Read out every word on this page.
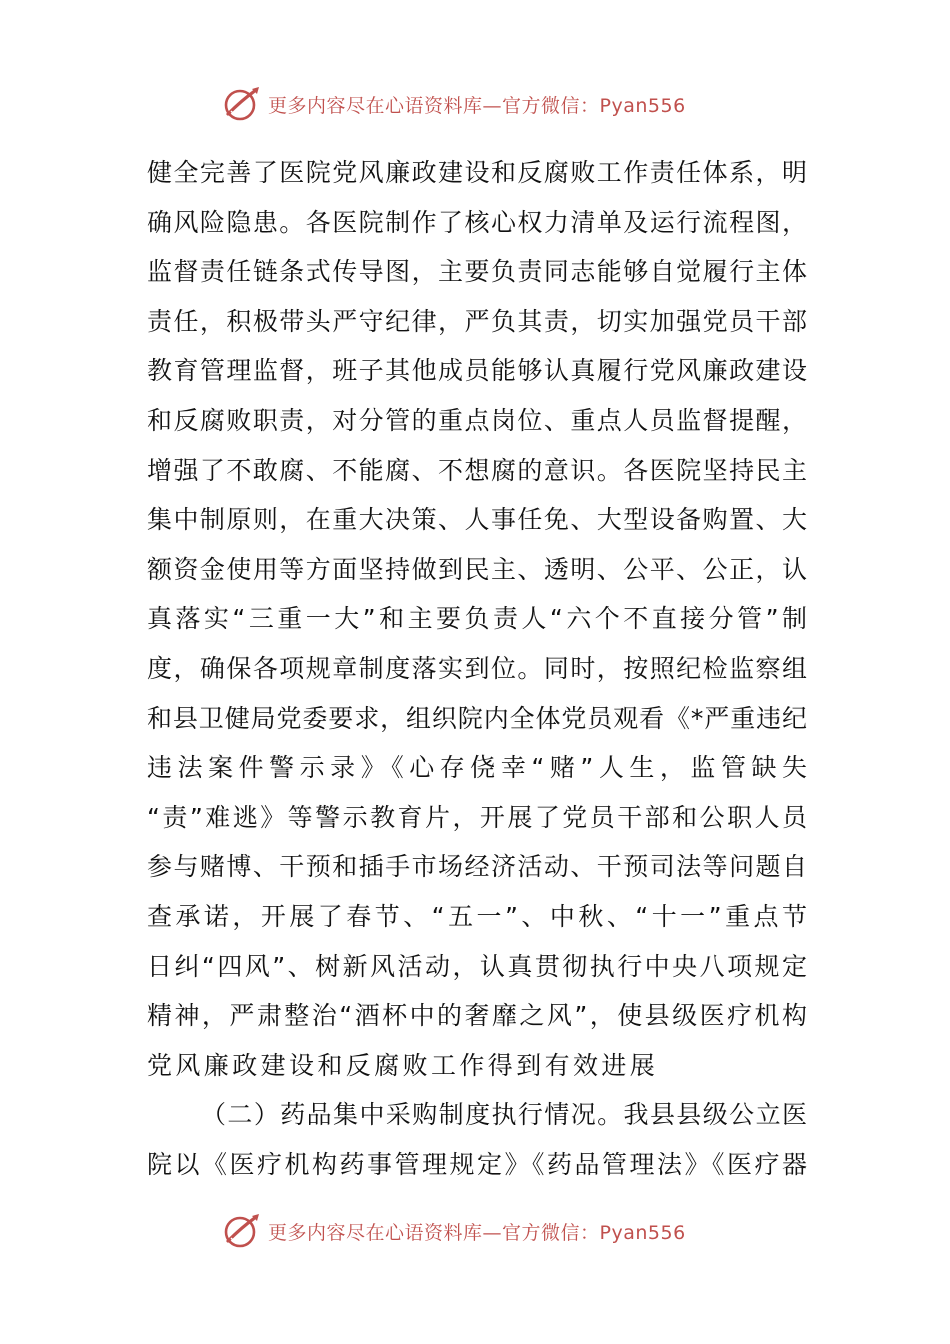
更多内容尽在心语资料库—官方微信：Pyan556
健全完善了医院党风廉政建设和反腐败工作责任体系，明
确风险隐患。各医院制作了核心权力清单及运行流程图，
监督责任链条式传导图，主要负责同志能够自觉履行主体
责任，积极带头严守纪律，严负其责，切实加强党员干部
教育管理监督，班子其他成员能够认真履行党风廉政建设
和反腐败职责，对分管的重点岗位、重点人员监督提醒，
增强了不敢腐、不能腐、不想腐的意识。各医院坚持民主
集中制原则，在重大决策、人事任免、大型设备购置、大
额资金使用等方面坚持做到民主、透明、公平、公正，认
真落实“三重一大”和主要负责人“六个不直接分管”制
度，确保各项规章制度落实到位。同时，按照纪检监察组
和县卫健局党委要求，组织院内全体党员观看《*严重违纪
违法案件警示录》《心存侥幸“赌”人生，监管缺失
“责”难逃》等警示教育片，开展了党员干部和公职人员
参与赌博、干预和插手市场经济活动、干预司法等问题自
查承诺，开展了春节、“五一”、中秋、“十一”重点节
日纠“四风”、树新风活动，认真贯彻执行中央八项规定
精神，严肃整治“酒杯中的奢靡之风”，使县级医疗机构
党风廉政建设和反腐败工作得到有效进展
（二）药品集中采购制度执行情况。我县县级公立医
院以《医疗机构药事管理规定》《药品管理法》《医疗器
更多内容尽在心语资料库—官方微信：Pyan556
